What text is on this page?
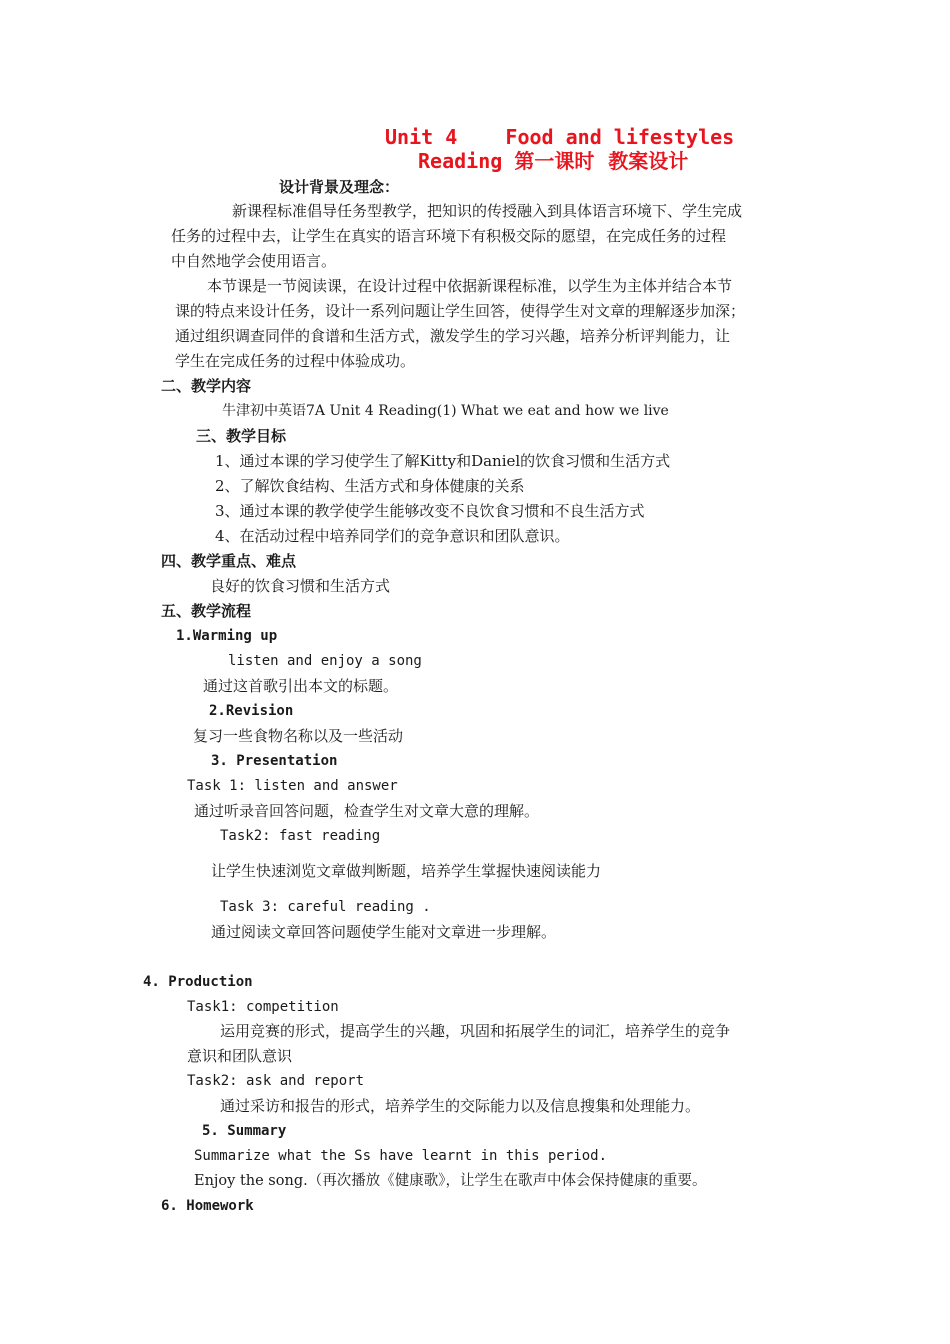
Unit 4    Food and lifestyles
Reading 第一课时  教案设计
设计背景及理念：
新课程标准倡导任务型教学，把知识的传授融入到具体语言环境下、学生完成
任务的过程中去，让学生在真实的语言环境下有积极交际的愿望，在完成任务的过程
中自然地学会使用语言。
本节课是一节阅读课，在设计过程中依据新课程标准，以学生为主体并结合本节
课的特点来设计任务，设计一系列问题让学生回答，使得学生对文章的理解逐步加深；
通过组织调查同伴的食谱和生活方式，激发学生的学习兴趣，培养分析评判能力，让
学生在完成任务的过程中体验成功。
二、教学内容
牛津初中英语7A Unit 4 Reading(1) What we eat and how we live
三、教学目标
1、通过本课的学习使学生了解Kitty和Daniel的饮食习惯和生活方式
2、了解饮食结构、生活方式和身体健康的关系
3、通过本课的教学使学生能够改变不良饮食习惯和不良生活方式
4、在活动过程中培养同学们的竞争意识和团队意识。
四、教学重点、难点
良好的饮食习惯和生活方式
五、教学流程
1.Warming up
listen and enjoy a song
通过这首歌引出本文的标题。
2.Revision
复习一些食物名称以及一些活动
3. Presentation
Task 1: listen and answer
通过听录音回答问题，检查学生对文章大意的理解。
Task2: fast reading
让学生快速浏览文章做判断题，培养学生掌握快速阅读能力
Task 3: careful reading .
通过阅读文章回答问题使学生能对文章进一步理解。
4. Production
Task1: competition
运用竞赛的形式，提高学生的兴趣，巩固和拓展学生的词汇，培养学生的竞争
意识和团队意识
Task2: ask and report
通过采访和报告的形式，培养学生的交际能力以及信息搜集和处理能力。
5. Summary
Summarize what the Ss have learnt in this period.
Enjoy the song.（再次播放《健康歌》，让学生在歌声中体会保持健康的重要。
6. Homework
